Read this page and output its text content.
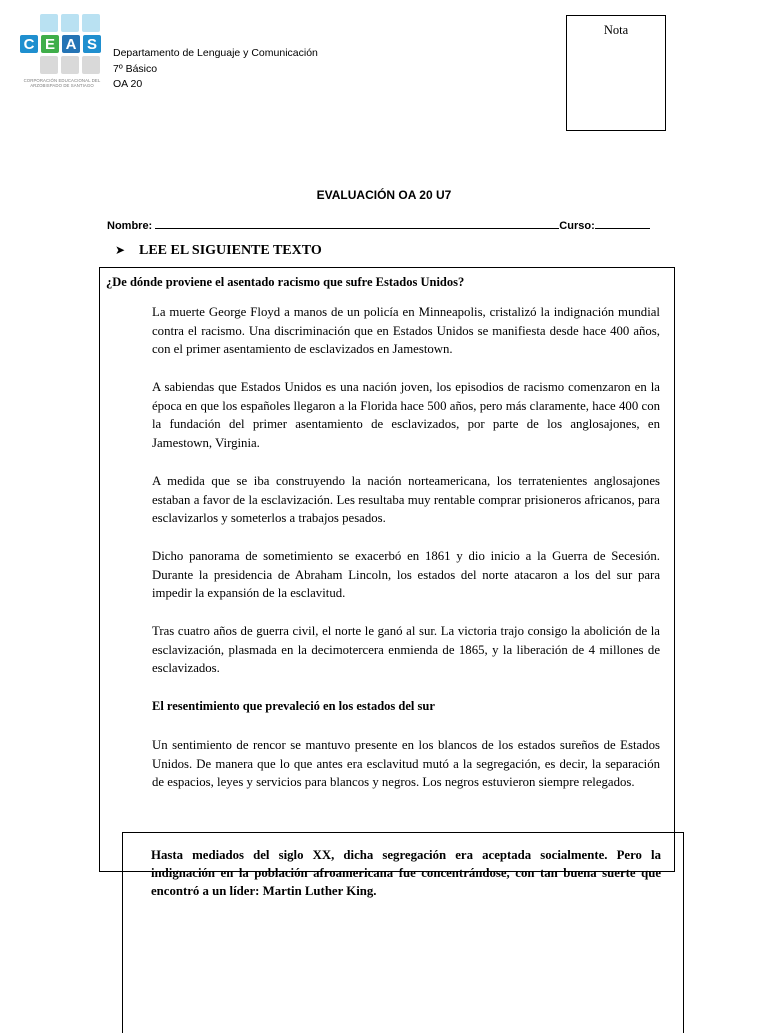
C E A S
CORPORACIÓN EDUCACIONAL DEL
ARZOBISPADO DE SANTIAGO
Departamento de Lenguaje y Comunicación
7º Básico
OA 20
Nota
EVALUACIÓN OA 20 U7
Nombre:	Curso:
➤ LEE EL SIGUIENTE TEXTO
¿De dónde proviene el asentado racismo que sufre Estados Unidos?

La muerte George Floyd a manos de un policía en Minneapolis, cristalizó la indignación mundial contra el racismo. Una discriminación que en Estados Unidos se manifiesta desde hace 400 años, con el primer asentamiento de esclavizados en Jamestown.

A sabiendas que Estados Unidos es una nación joven, los episodios de racismo comenzaron en la época en que los españoles llegaron a la Florida hace 500 años, pero más claramente, hace 400 con la fundación del primer asentamiento de esclavizados, por parte de los anglosajones, en Jamestown, Virginia.

A medida que se iba construyendo la nación norteamericana, los terratenientes anglosajones estaban a favor de la esclavización. Les resultaba muy rentable comprar prisioneros africanos, para esclavizarlos y someterlos a trabajos pesados.

Dicho panorama de sometimiento se exacerbó en 1861 y dio inicio a la Guerra de Secesión. Durante la presidencia de Abraham Lincoln, los estados del norte atacaron a los del sur para impedir la expansión de la esclavitud.

Tras cuatro años de guerra civil, el norte le ganó al sur. La victoria trajo consigo la abolición de la esclavización, plasmada en la decimotercera enmienda de 1865, y la liberación de 4 millones de esclavizados.

El resentimiento que prevaleció en los estados del sur

Un sentimiento de rencor se mantuvo presente en los blancos de los estados sureños de Estados Unidos. De manera que lo que antes era esclavitud mutó a la segregación, es decir, la separación de espacios, leyes y servicios para blancos y negros. Los negros estuvieron siempre relegados.

Hasta mediados del siglo XX, dicha segregación era aceptada socialmente. Pero la indignación en la población afroamericana fue concentrándose, con tan buena suerte que encontró a un líder: Martin Luther King.
